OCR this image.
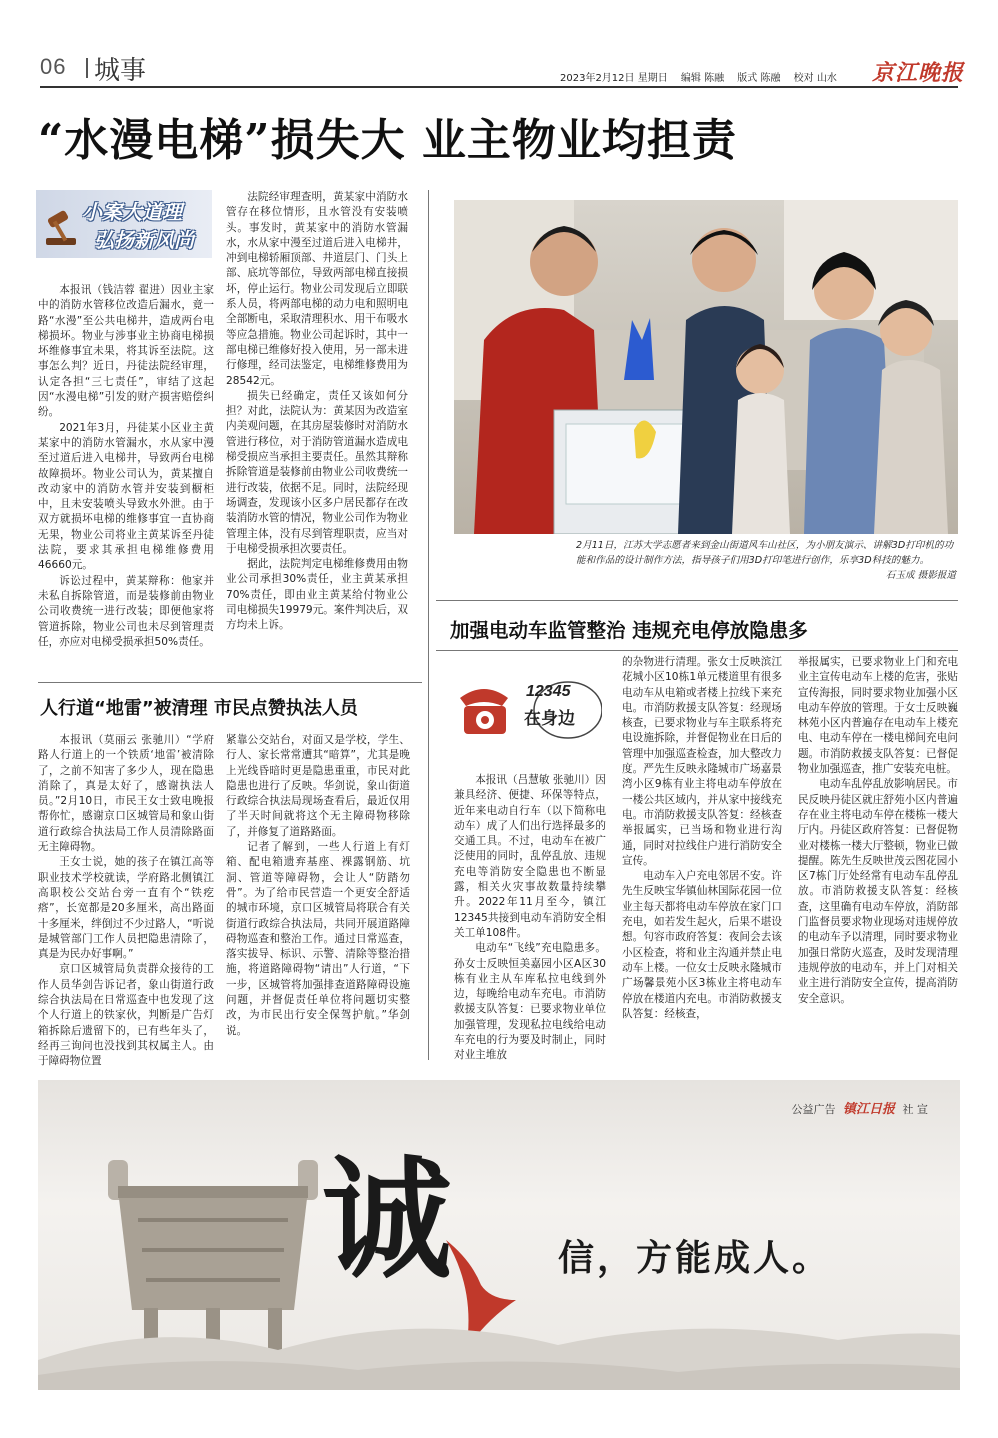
06 城事	2023年2月12日 星期日 编辑 陈融 版式 陈融 校对 山水	京江晚报
“水漫电梯”损失大 业主物业均担责
小案大道理
弘扬新风尚

本报讯（钱洁蓉 翟进）因业主家中的消防水管移位改造后漏水，竟一路“水漫”至公共电梯井，造成两台电梯损坏。物业与涉事业主协商电梯损坏维修事宜未果，将其诉至法院。这事怎么判？近日，丹徒法院经审理，认定各担“三七责任”，审结了这起因“水漫电梯”引发的财产损害赔偿纠纷。

2021年3月，丹徒某小区业主黄某家中的消防水管漏水，水从家中漫至过道后进入电梯井，导致两台电梯故障损坏。物业公司认为，黄某擅自改动家中的消防水管并安装到橱柜中，且未安装喷头导致水外泄。由于双方就损坏电梯的维修事宜一直协商无果，物业公司将业主黄某诉至丹徒法院，要求其承担电梯维修费用46660元。

诉讼过程中，黄某辩称：他家并未私自拆除管道，而是装修前由物业公司收费统一进行改装；即便他家将管道拆除，物业公司也未尽到管理责任，亦应对电梯受损承担50%责任。

法院经审理查明，黄某家中消防水管存在移位情形，且水管没有安装喷头。事发时，黄某家中的消防水管漏水，水从家中漫至过道后进入电梯井，冲到电梯轿厢顶部、井道层门、门头上部、底坑等部位，导致两部电梯直接损坏，停止运行。物业公司发现后立即联系人员，将两部电梯的动力电和照明电全部断电，采取清理积水、用干布吸水等应急措施。物业公司起诉时，其中一部电梯已维修好投入使用，另一部未进行修理，经司法鉴定，电梯维修费用为28542元。

损失已经确定，责任又该如何分担？对此，法院认为：黄某因为改造室内美观问题，在其房屋装修时对消防水管进行移位，对于消防管道漏水造成电梯受损应当承担主要责任。虽然其辩称拆除管道是装修前由物业公司收费统一进行改装，依据不足。同时，法院经现场调查，发现该小区多户居民都存在改装消防水管的情况，物业公司作为物业管理主体，没有尽到管理职责，应当对于电梯受损承担次要责任。

据此，法院判定电梯维修费用由物业公司承担30%责任，业主黄某承担70%责任，即由业主黄某给付物业公司电梯损失19979元。案件判决后，双方均未上诉。

2月11日，江苏大学志愿者来到金山街道风车山社区，为小朋友演示、讲解3D打印机的功能和作品的设计制作方法，指导孩子们用3D打印笔进行创作，乐享3D科技的魅力。
石玉成 摄影报道
加强电动车监管整治 违规充电停放隐患多
12345
在身边

本报讯（吕慧敏 张驰川）因兼具经济、便捷、环保等特点，近年来电动自行车（以下简称电动车）成了人们出行选择最多的交通工具。不过，电动车在被广泛使用的同时，乱停乱放、违规充电等消防安全隐患也不断显露，相关火灾事故数量持续攀升。2022年11月至今，镇江12345共接到电动车消防安全相关工单108件。

电动车“飞线”充电隐患多。孙女士反映恒美嘉园小区A区30栋有业主从车库私拉电线到外边，每晚给电动车充电。市消防救援支队答复：已要求物业单位加强管理，发现私拉电线给电动车充电的行为要及时制止，同时对业主堆放

的杂物进行清理。张女士反映滨江花城小区10栋1单元楼道里有很多电动车从电箱或者楼上拉线下来充电。市消防救援支队答复：经现场核查，已要求物业与车主联系将充电设施拆除，并督促物业在日后的管理中加强巡查检查，加大整改力度。严先生反映永隆城市广场嘉景湾小区9栋有业主将电动车停放在一楼公共区域内，并从家中接线充电。市消防救援支队答复：经核查举报属实，已当场和物业进行沟通，同时对拉线住户进行消防安全宣传。

电动车入户充电邻居不安。许先生反映宝华镇仙林国际花园一位业主每天都将电动车停放在家门口充电，如若发生起火，后果不堪设想。句容市政府答复：夜间会去该小区检查，将和业主沟通并禁止电动车上楼。一位女士反映永隆城市广场馨景苑小区3栋业主将电动车停放在楼道内充电。市消防救援支队答复：经核查，

举报属实，已要求物业上门和充电业主宣传电动车上楼的危害，张贴宣传海报，同时要求物业加强小区电动车停放的管理。于女士反映巍林苑小区内普遍存在电动车上楼充电、电动车停在一楼电梯间充电问题。市消防救援支队答复：已督促物业加强巡查，推广安装充电桩。

电动车乱停乱放影响居民。市民反映丹徒区就庄舒苑小区内普遍存在业主将电动车停在楼栋一楼大厅内。丹徒区政府答复：已督促物业对楼栋一楼大厅整顿，物业已做提醒。陈先生反映世茂云图花园小区7栋门厅处经常有电动车乱停乱放。市消防救援支队答复：经核查，这里确有电动车停放，消防部门监督员要求物业现场对违规停放的电动车予以清理，同时要求物业加强日常防火巡查，及时发现清理违规停放的电动车，并上门对相关业主进行消防安全宣传，提高消防安全意识。

人行道“地雷”被清理 市民点赞执法人员

本报讯（莫丽云 张驰川）“学府路人行道上的一个铁质‘地雷’被清除了，之前不知害了多少人，现在隐患消除了，真是太好了，感谢执法人员。”2月10日，市民王女士致电晚报帮你忙，感谢京口区城管局和象山街道行政综合执法局工作人员清除路面无主障碍物。

王女士说，她的孩子在镇江高等职业技术学校就读，学府路北侧镇江高职校公交站台旁一直有个“铁疙瘩”，长宽都是20多厘米，高出路面十多厘米，绊倒过不少过路人，“听说是城管部门工作人员把隐患清除了，真是为民办好事啊。”

京口区城管局负责群众接待的工作人员华剑告诉记者，象山街道行政综合执法局在日常巡查中也发现了这个人行道上的铁家伙，判断是广告灯箱拆除后遗留下的，已有些年头了，经再三询问也没找到其权属主人。由于障碍物位置

紧靠公交站台，对面又是学校，学生、行人、家长常常遭其“暗算”，尤其是晚上光线昏暗时更是隐患重重，市民对此隐患也进行了反映。华剑说，象山街道行政综合执法局现场查看后，最近仅用了半天时间就将这个无主障碍物移除了，并修复了道路路面。

记者了解到，一些人行道上有灯箱、配电箱遗弃基座、裸露钢筋、坑洞、管道等障碍物，会让人“防踏勿骨”。为了给市民营造一个更安全舒适的城市环境，京口区城管局将联合有关街道行政综合执法局，共同开展道路障碍物巡查和整治工作。通过日常巡查，落实拔导、标识、示警、清除等整治措施，将道路障碍物“请出”人行道，“下一步，区城管将加强排查道路障碍设施问题，并督促责任单位将问题切实整改，为市民出行安全保驾护航。”华剑说。

公益广告 镇江日报 社 宣
诚	信，方能成人。
